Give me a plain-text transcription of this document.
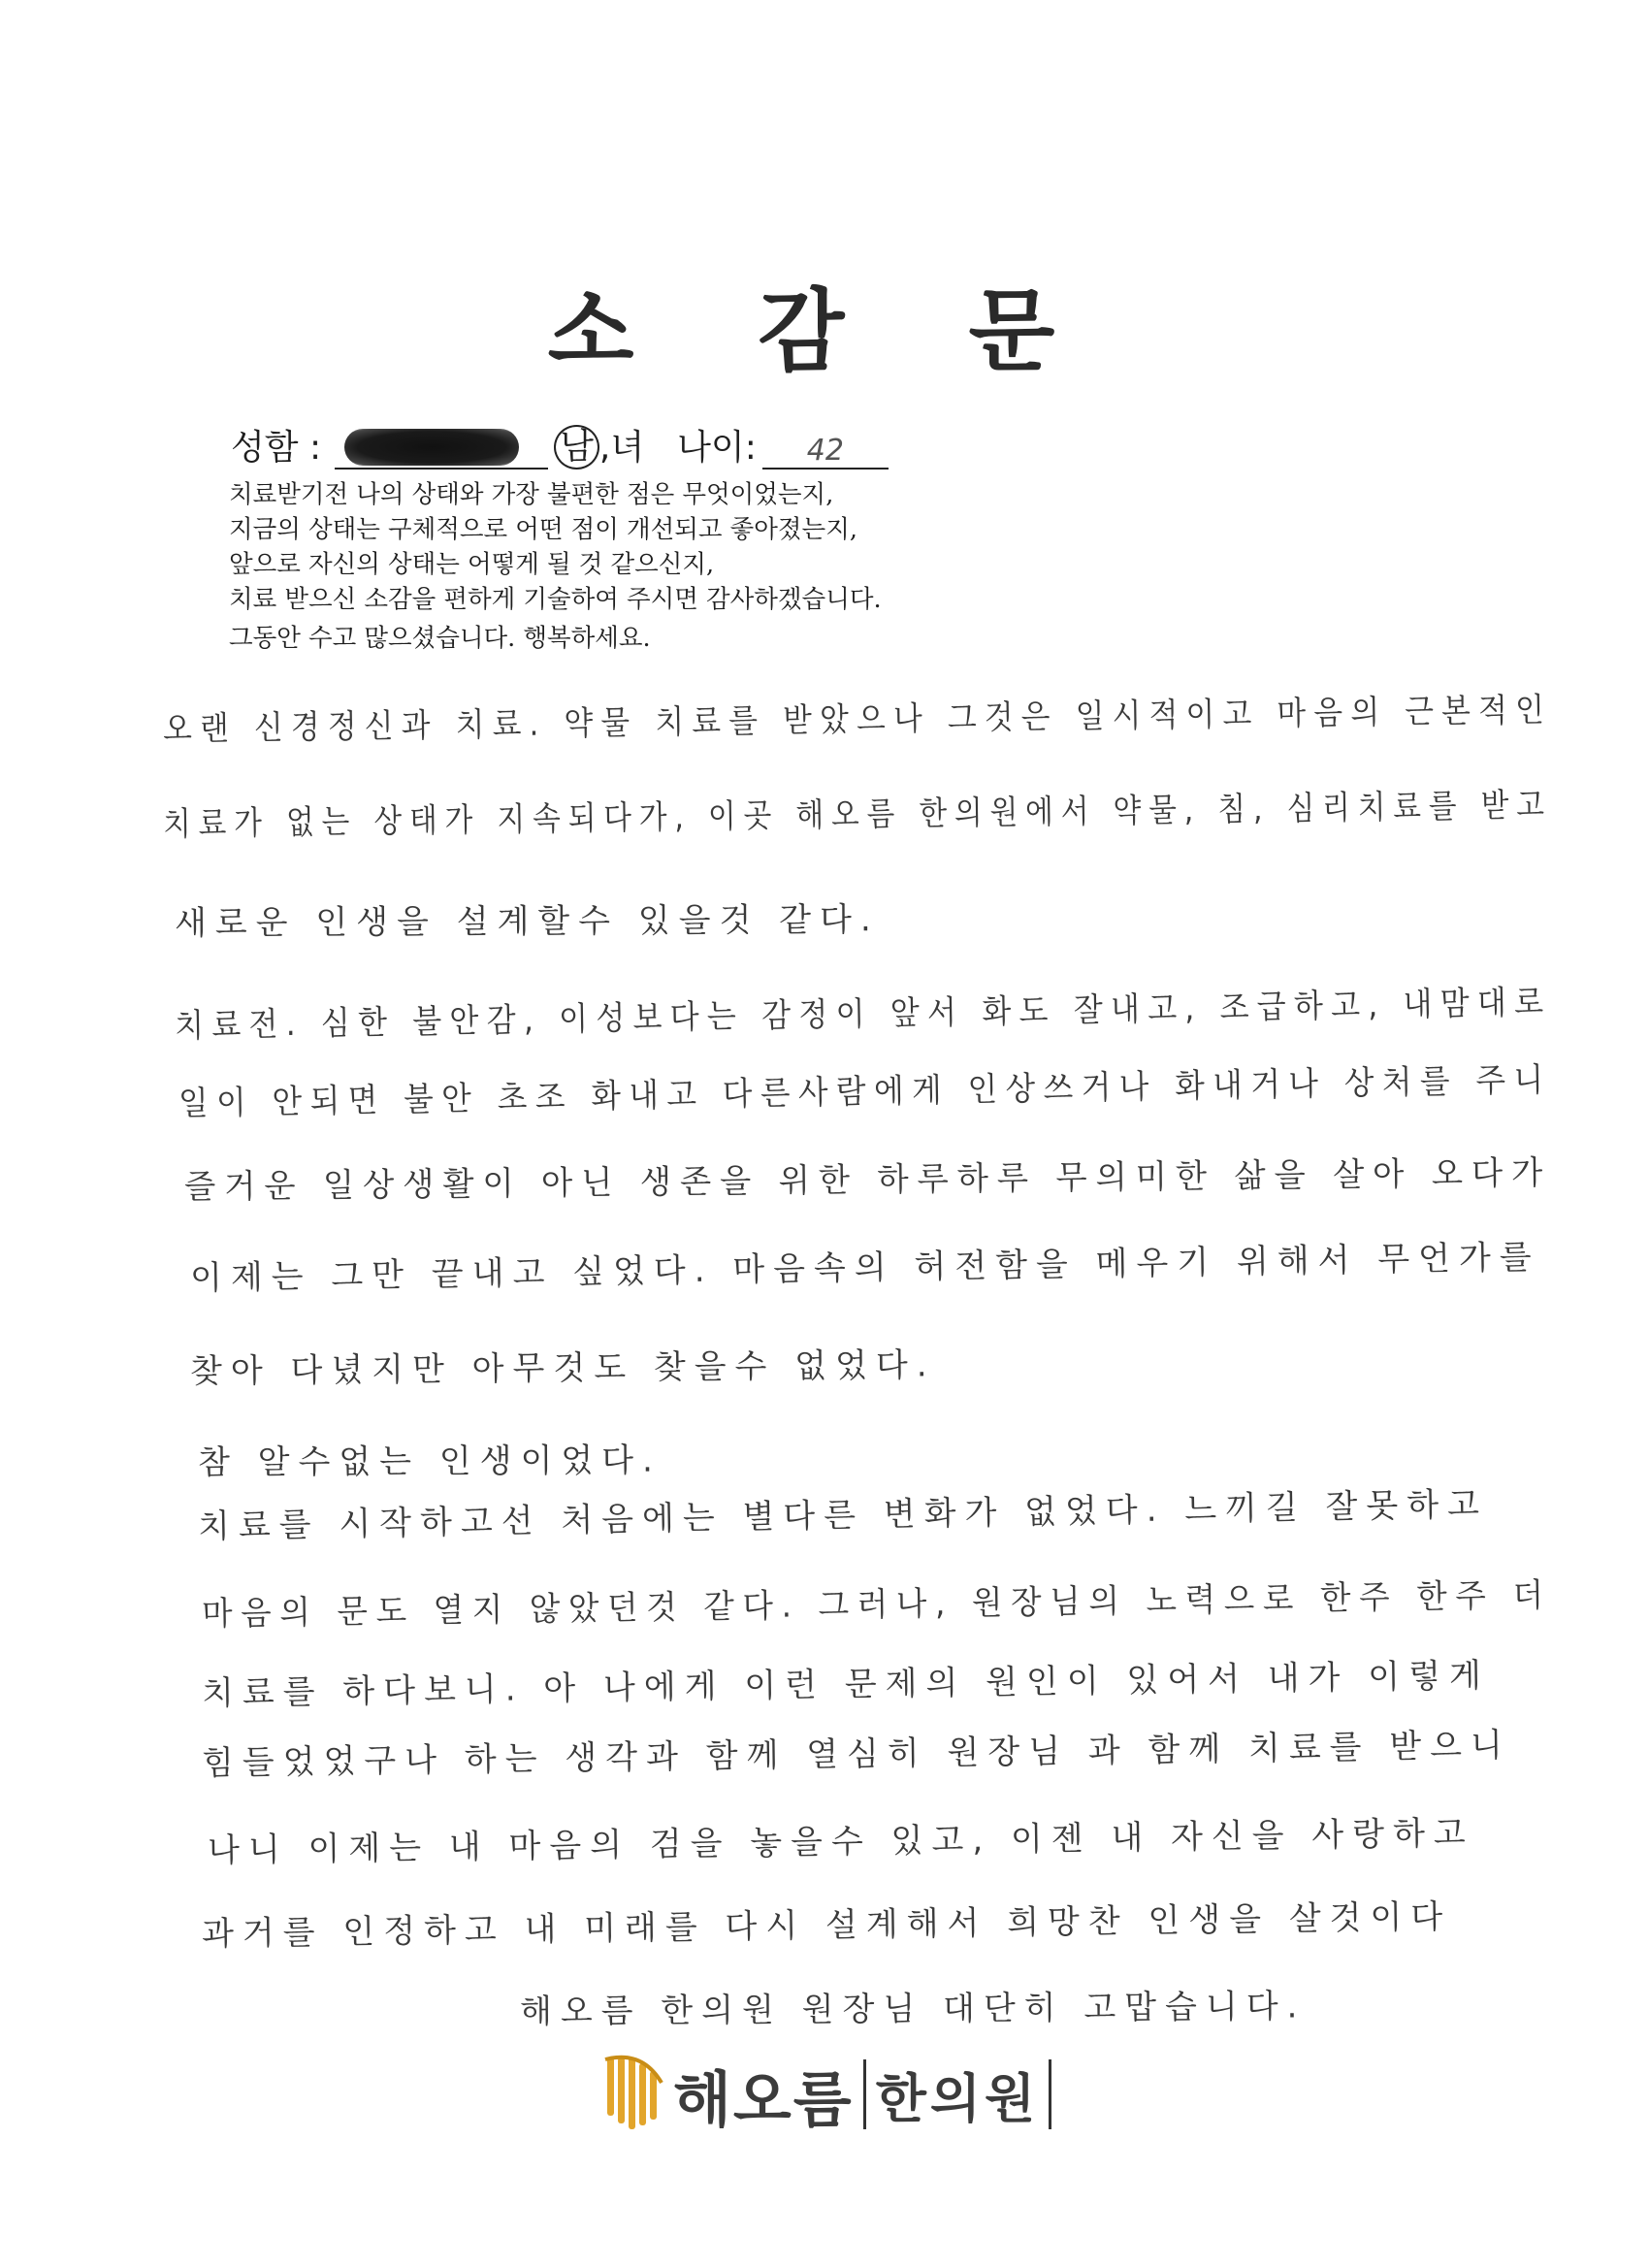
소 감 문
성함 :	남 ,녀 나이:	42
치료받기전 나의 상태와 가장 불편한 점은 무엇이었는지,
지금의 상태는 구체적으로 어떤 점이 개선되고 좋아졌는지,
앞으로 자신의 상태는 어떻게 될 것 같으신지,
치료 받으신 소감을 편하게 기술하여 주시면 감사하겠습니다.
그동안 수고 많으셨습니다. 행복하세요.
오랜 신경정신과 치료. 약물 치료를 받았으나 그것은 일시적이고 마음의 근본적인
치료가 없는 상태가 지속되다가, 이곳 해오름 한의원에서 약물, 침, 심리치료를 받고
새로운 인생을 설계할수 있을것 같다.
치료전. 심한 불안감, 이성보다는 감정이 앞서 화도 잘내고, 조급하고, 내맘대로
일이 안되면 불안 초조 화내고 다른사람에게 인상쓰거나 화내거나 상처를 주니
즐거운 일상생활이 아닌 생존을 위한 하루하루 무의미한 삶을 살아 오다가
이제는 그만 끝내고 싶었다. 마음속의 허전함을 메우기 위해서 무언가를
찾아 다녔지만 아무것도 찾을수 없었다.
참 알수없는 인생이었다.
치료를 시작하고선 처음에는 별다른 변화가 없었다. 느끼길 잘못하고
마음의 문도 열지 않았던것 같다. 그러나, 원장님의 노력으로 한주 한주 더
치료를 하다보니. 아 나에게 이런 문제의 원인이 있어서 내가 이렇게
힘들었었구나 하는 생각과 함께 열심히 원장님 과 함께 치료를 받으니
나니 이제는 내 마음의 검을 놓을수 있고, 이젠 내 자신을 사랑하고
과거를 인정하고 내 미래를 다시 설계해서 희망찬 인생을 살것이다
해오름 한의원 원장님 대단히 고맙습니다.
해오름 한의원
